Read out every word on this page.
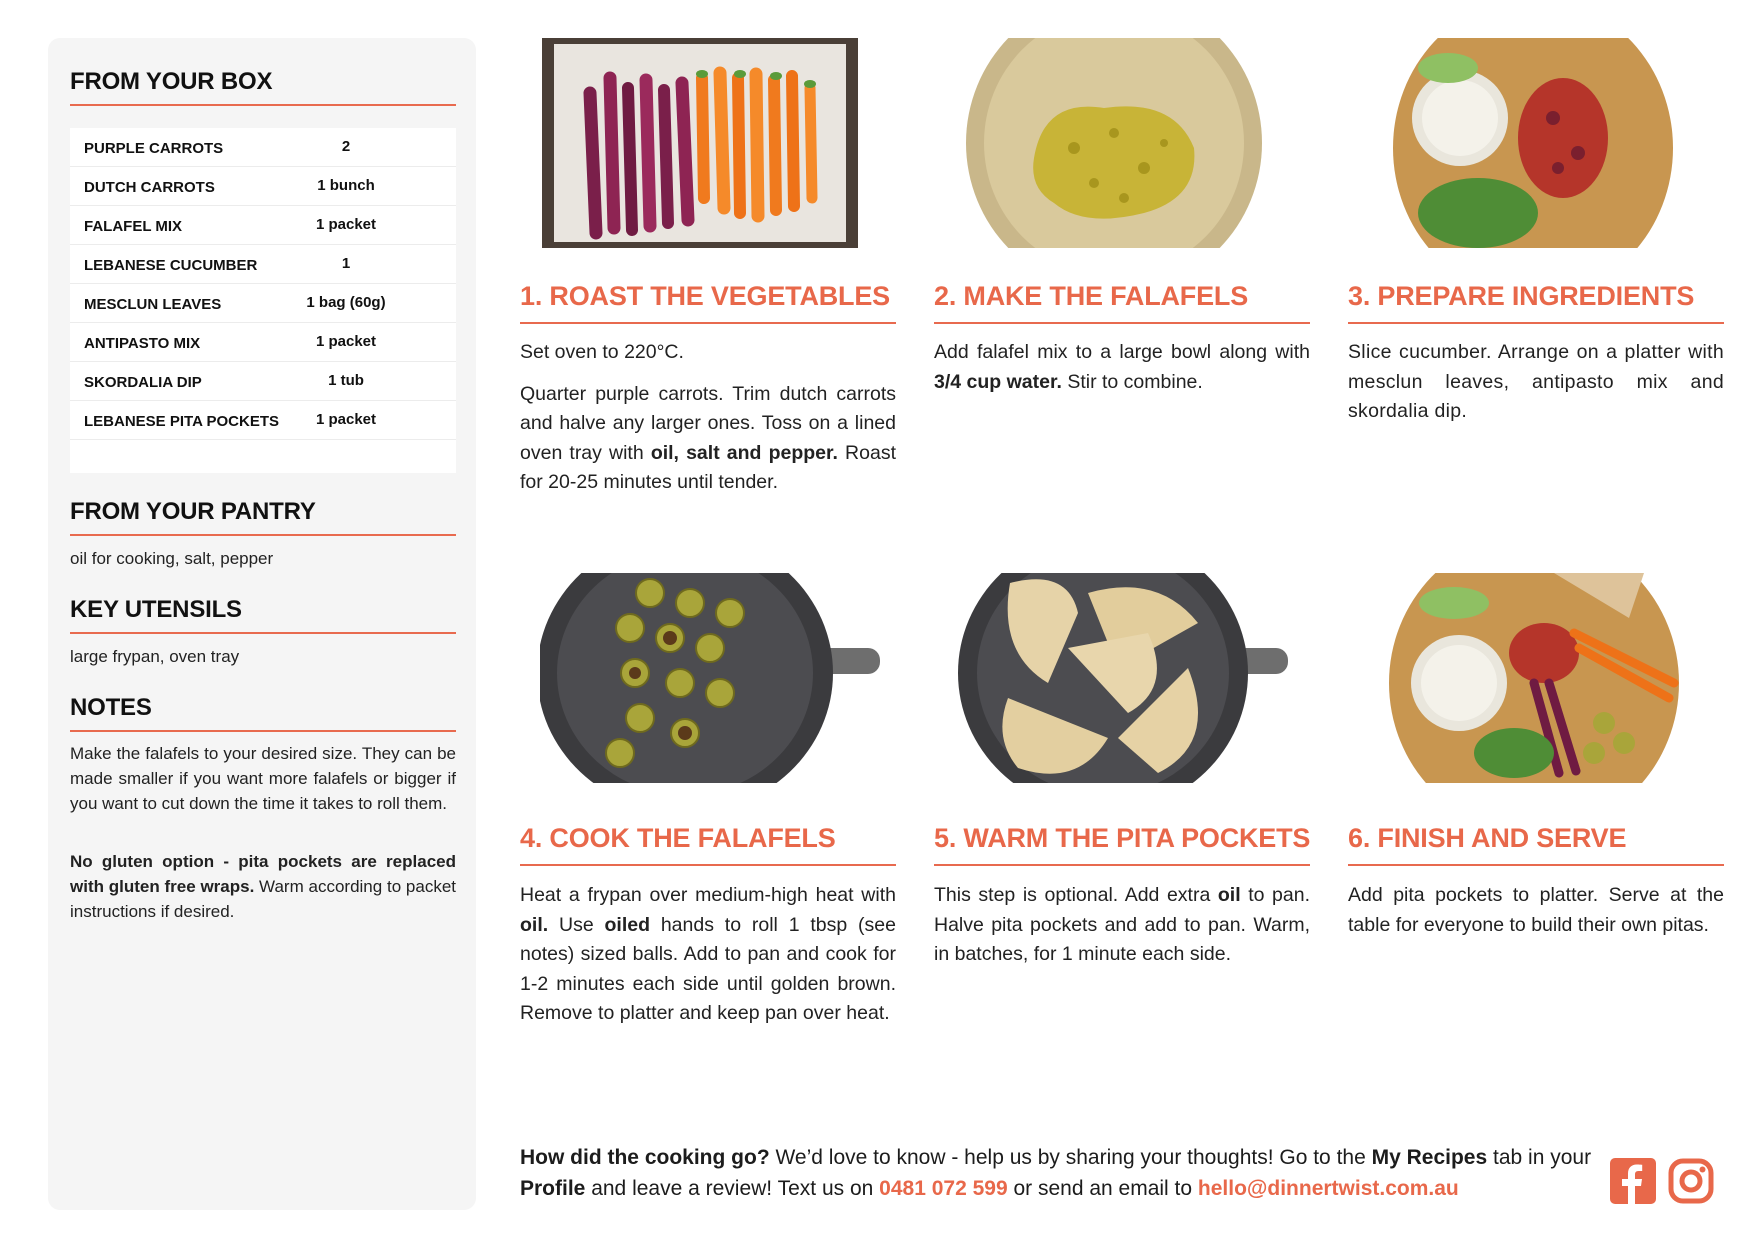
FROM YOUR BOX
PURPLE CARROTS	2
DUTCH CARROTS	1 bunch
FALAFEL MIX	1 packet
LEBANESE CUCUMBER	1
MESCLUN LEAVES	1 bag (60g)
ANTIPASTO MIX	1 packet
SKORDALIA DIP	1 tub
LEBANESE PITA POCKETS	1 packet
FROM YOUR PANTRY
oil for cooking, salt, pepper
KEY UTENSILS
large frypan, oven tray
NOTES
Make the falafels to your desired size. They can be made smaller if you want more falafels or bigger if you want to cut down the time it takes to roll them.
No gluten option - pita pockets are replaced with gluten free wraps. Warm according to packet instructions if desired.
1. ROAST THE VEGETABLES

Set oven to 220°C.

Quarter purple carrots. Trim dutch carrots and halve any larger ones. Toss on a lined oven tray with oil, salt and pepper. Roast for 20-25 minutes until tender.

2. MAKE THE FALAFELS

Add falafel mix to a large bowl along with 3/4 cup water. Stir to combine.

3. PREPARE INGREDIENTS

Slice cucumber. Arrange on a platter with mesclun leaves, antipasto mix and skordalia dip.

4. COOK THE FALAFELS

Heat a frypan over medium-high heat with oil. Use oiled hands to roll 1 tbsp (see notes) sized balls. Add to pan and cook for 1-2 minutes each side until golden brown. Remove to platter and keep pan over heat.

5. WARM THE PITA POCKETS

This step is optional. Add extra oil to pan. Halve pita pockets and add to pan. Warm, in batches, for 1 minute each side.

6. FINISH AND SERVE

Add pita pockets to platter. Serve at the table for everyone to build their own pitas.

How did the cooking go? We’d love to know - help us by sharing your thoughts! Go to the My Recipes tab in your Profile and leave a review! Text us on 0481 072 599 or send an email to hello@dinnertwist.com.au
